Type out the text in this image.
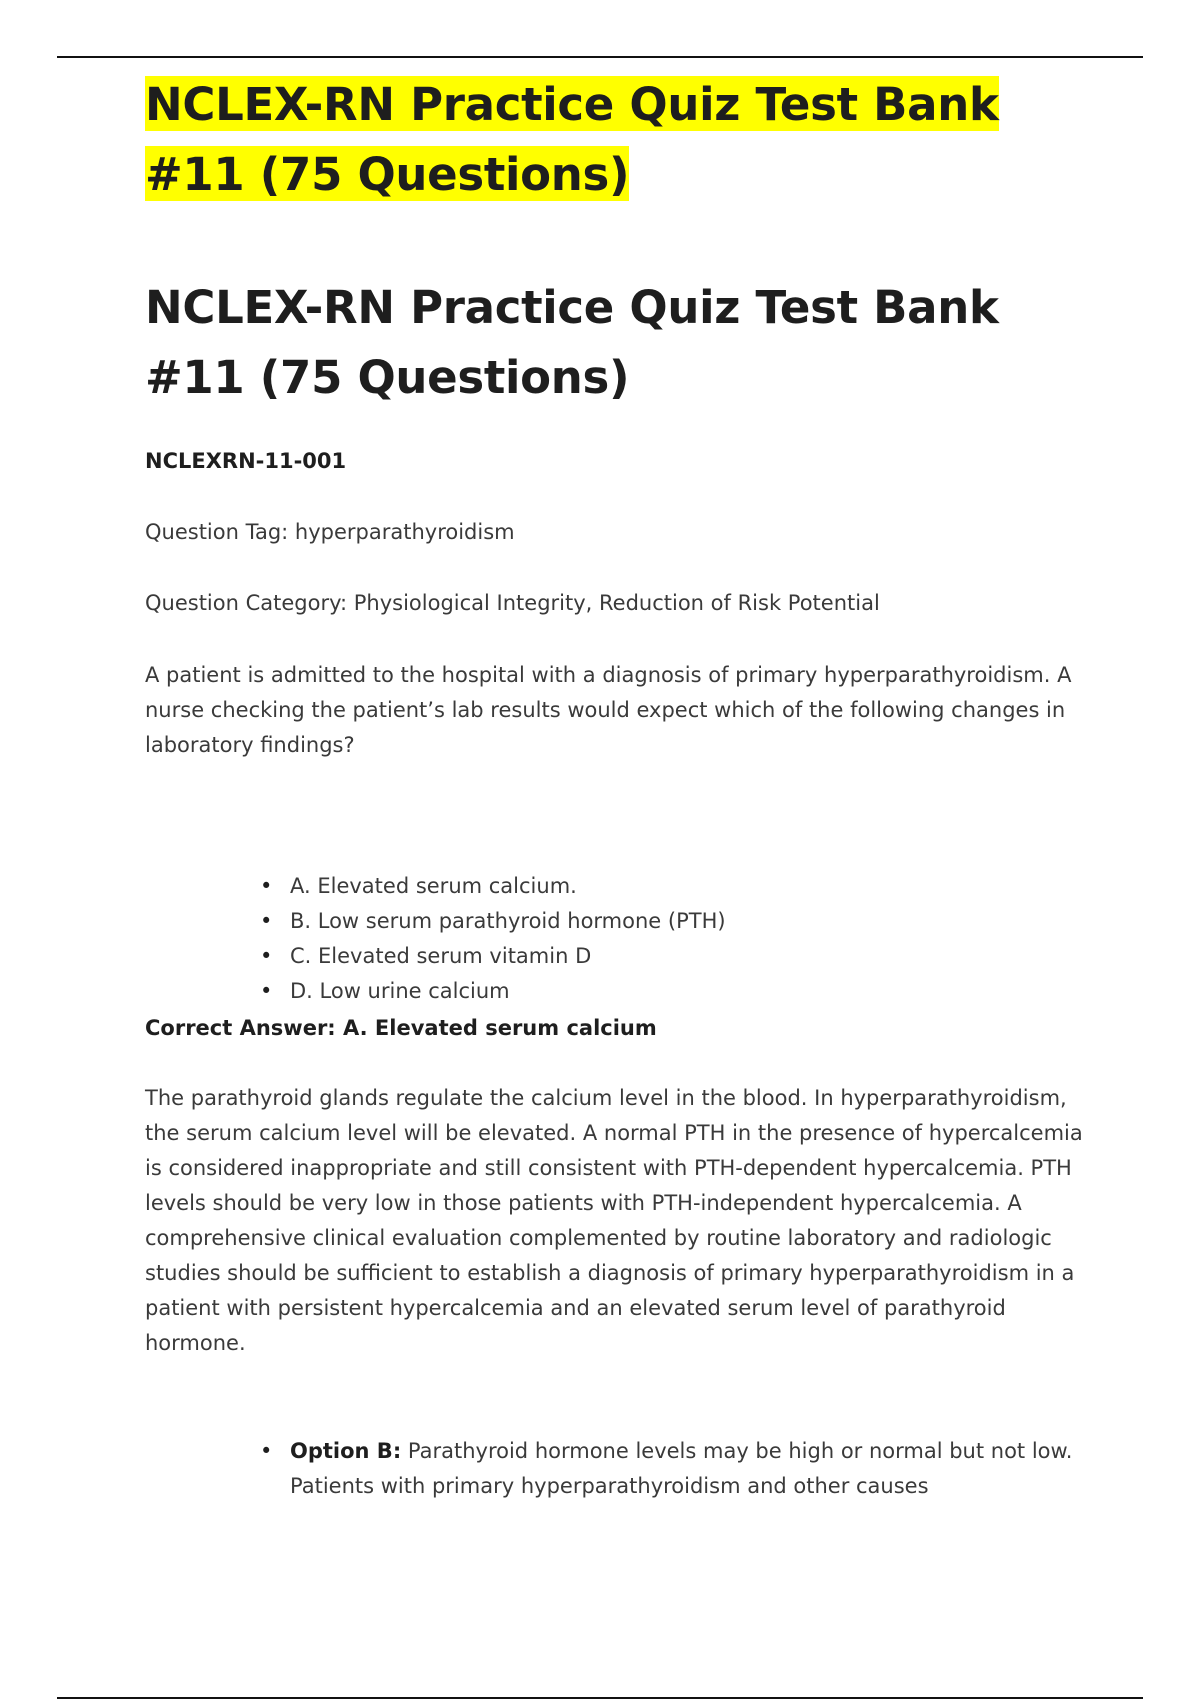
NCLEX-RN Practice Quiz Test Bank #11 (75 Questions)
NCLEX-RN Practice Quiz Test Bank #11 (75 Questions)
NCLEXRN-11-001
Question Tag: hyperparathyroidism
Question Category: Physiological Integrity, Reduction of Risk Potential
A patient is admitted to the hospital with a diagnosis of primary hyperparathyroidism. A nurse checking the patient’s lab results would expect which of the following changes in laboratory findings?
• A. Elevated serum calcium.
• B. Low serum parathyroid hormone (PTH)
• C. Elevated serum vitamin D
• D. Low urine calcium
Correct Answer: A. Elevated serum calcium
The parathyroid glands regulate the calcium level in the blood. In hyperparathyroidism, the serum calcium level will be elevated. A normal PTH in the presence of hypercalcemia is considered inappropriate and still consistent with PTH-dependent hypercalcemia. PTH levels should be very low in those patients with PTH-independent hypercalcemia. A comprehensive clinical evaluation complemented by routine laboratory and radiologic studies should be sufficient to establish a diagnosis of primary hyperparathyroidism in a patient with persistent hypercalcemia and an elevated serum level of parathyroid hormone.
• Option B: Parathyroid hormone levels may be high or normal but not low. Patients with primary hyperparathyroidism and other causes
